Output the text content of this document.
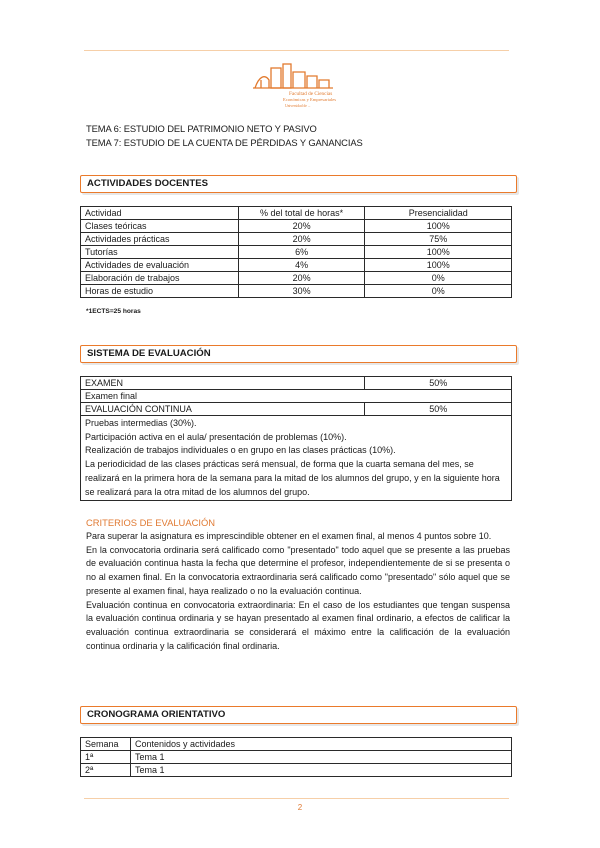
Facultad de Ciencias
Económicas y Empresariales
Universidad de ...
TEMA 6: ESTUDIO DEL PATRIMONIO NETO Y PASIVO
TEMA 7: ESTUDIO DE LA CUENTA DE PÉRDIDAS Y GANANCIAS
ACTIVIDADES DOCENTES
Actividad	% del total de horas*	Presencialidad
Clases teóricas	20%	100%
Actividades prácticas	20%	75%
Tutorías	6%	100%
Actividades de evaluación	4%	100%
Elaboración de trabajos	20%	0%
Horas de estudio	30%	0%
*1ECTS=25 horas
SISTEMA DE EVALUACIÓN
EXAMEN	50%
Examen final	
EVALUACIÓN CONTINUA	50%

Pruebas intermedias (30%).
Participación activa en el aula/ presentación de problemas (10%).
Realización de trabajos individuales o en grupo en las clases prácticas (10%).
La periodicidad de las clases prácticas será mensual, de forma que la cuarta semana del mes, se realizará en la primera hora de la semana para la mitad de los alumnos del grupo, y en la siguiente hora se realizará para la otra mitad de los alumnos del grupo.	
CRITERIOS DE EVALUACIÓN

Para superar la asignatura es imprescindible obtener en el examen final, al menos 4 puntos sobre 10.

En la convocatoria ordinaria será calificado como "presentado" todo aquel que se presente a las pruebas de evaluación continua hasta la fecha que determine el profesor, independientemente de si se presenta o no al examen final. En la convocatoria extraordinaria será calificado como "presentado" sólo aquel que se presente al examen final, haya realizado o no la evaluación continua.

Evaluación continua en convocatoria extraordinaria: En el caso de los estudiantes que tengan suspensa la evaluación continua ordinaria y se hayan presentado al examen final ordinario, a efectos de calificar la evaluación continua extraordinaria se considerará el máximo entre la calificación de la evaluación continua ordinaria y la calificación final ordinaria.

CRONOGRAMA ORIENTATIVO
Semana	Contenidos y actividades
1ª	Tema 1
2ª	Tema 1
2
